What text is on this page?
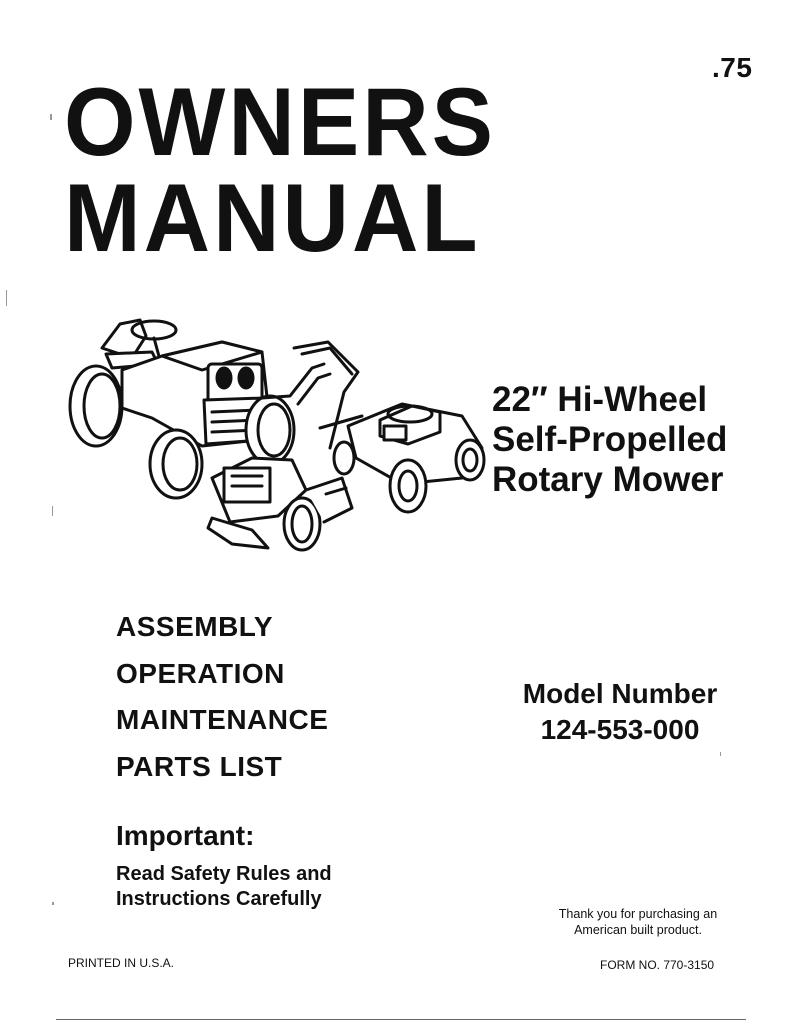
.75
OWNERS
MANUAL
22″ Hi-Wheel
Self-Propelled
Rotary Mower
ASSEMBLY
OPERATION
MAINTENANCE
PARTS LIST
Model Number
124-553-000
Important:
Read Safety Rules and
Instructions Carefully
Thank you for purchasing an
American built product.
PRINTED IN U.S.A.	FORM NO. 770-3150
